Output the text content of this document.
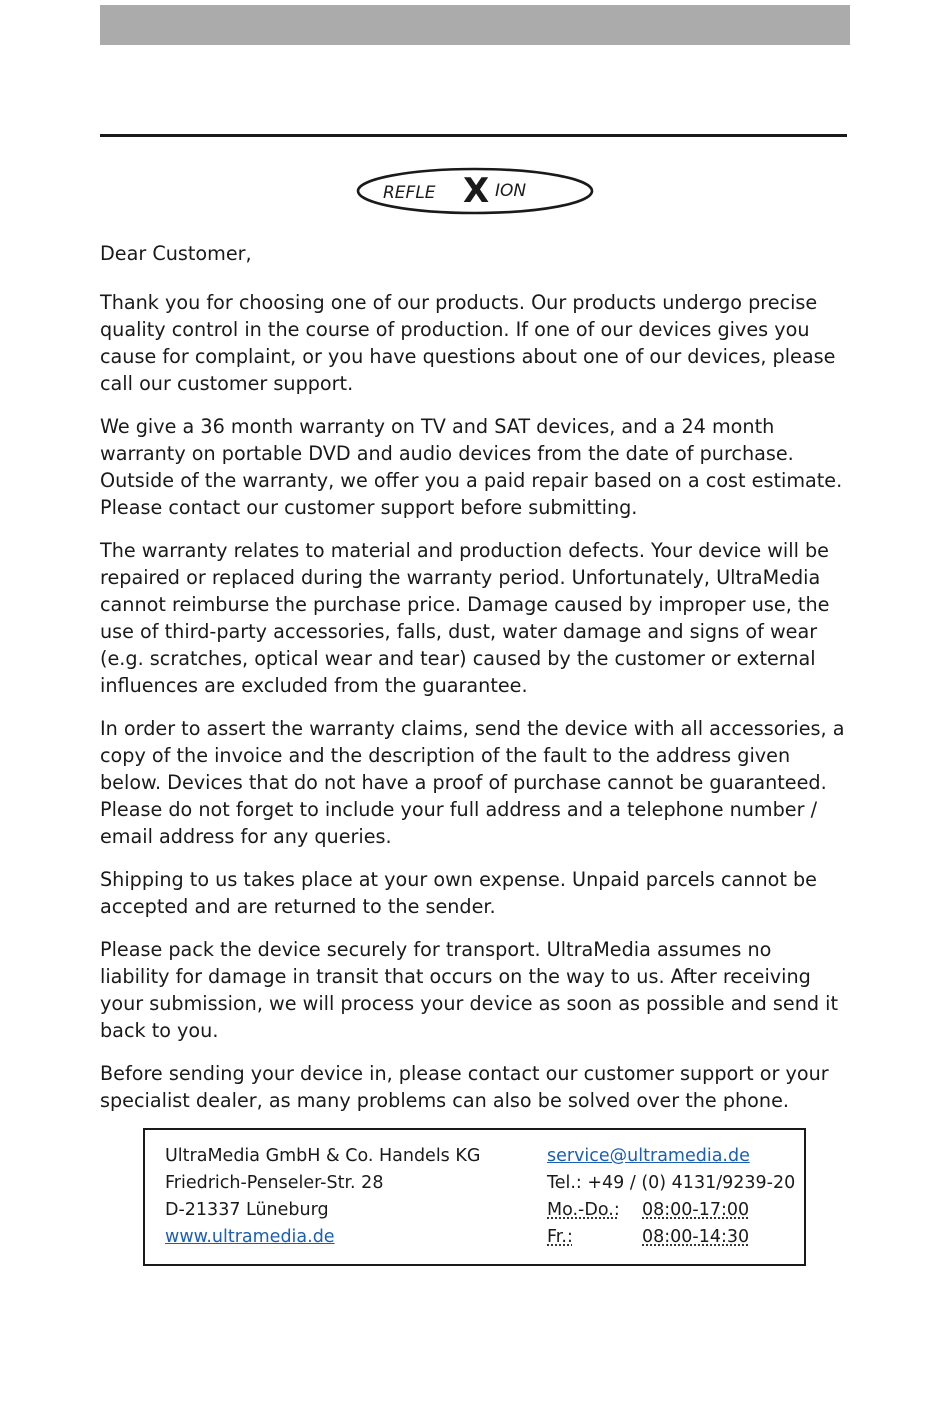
REFLE X ION

Dear Customer,

Thank you for choosing one of our products. Our products undergo precise quality control in the course of production. If one of our devices gives you cause for complaint, or you have questions about one of our devices, please call our customer support.

We give a 36 month warranty on TV and SAT devices, and a 24 month warranty on portable DVD and audio devices from the date of purchase. Outside of the warranty, we offer you a paid repair based on a cost estimate. Please contact our customer support before submitting.

The warranty relates to material and production defects. Your device will be repaired or replaced during the warranty period. Unfortunately, UltraMedia cannot reimburse the purchase price. Damage caused by improper use, the use of third-party accessories, falls, dust, water damage and signs of wear (e.g. scratches, optical wear and tear) caused by the customer or external influences are excluded from the guarantee.

In order to assert the warranty claims, send the device with all accessories, a copy of the invoice and the description of the fault to the address given below. Devices that do not have a proof of purchase cannot be guaranteed. Please do not forget to include your full address and a telephone number / email address for any queries.

Shipping to us takes place at your own expense. Unpaid parcels cannot be accepted and are returned to the sender.

Please pack the device securely for transport. UltraMedia assumes no liability for damage in transit that occurs on the way to us. After receiving your submission, we will process your device as soon as possible and send it back to you.

Before sending your device in, please contact our customer support or your specialist dealer, as many problems can also be solved over the phone.

UltraMedia GmbH & Co. Handels KG
Friedrich-Penseler-Str. 28
D-21337 Lüneburg
www.ultramedia.de
service@ultramedia.de
Tel.: +49 / (0) 4131/9239-20
Mo.-Do.:	08:00-17:00
Fr.:	08:00-14:30
